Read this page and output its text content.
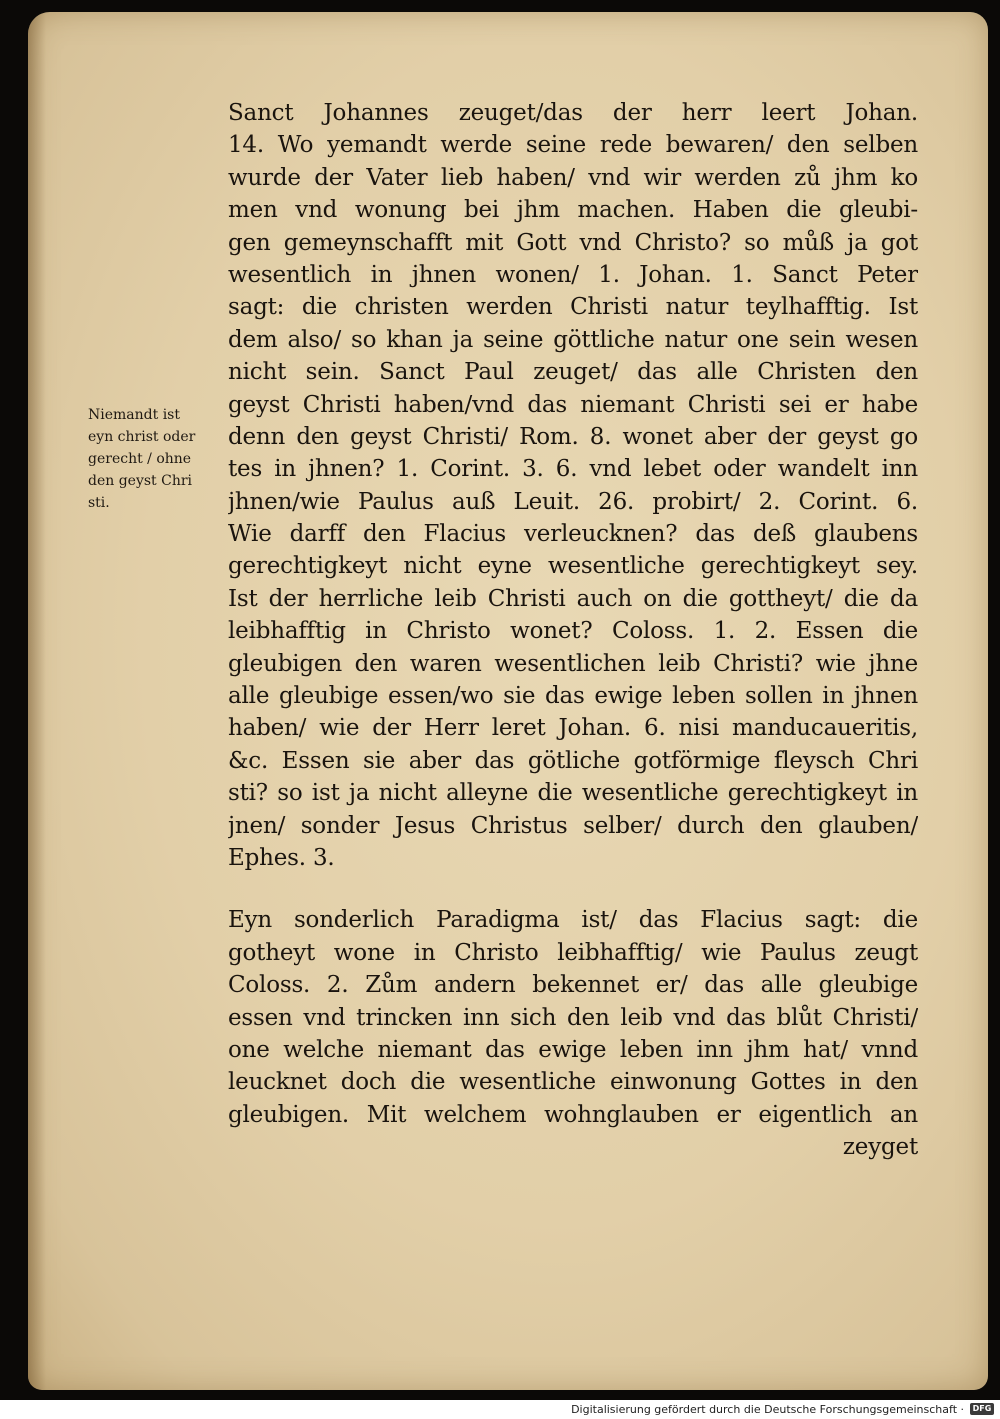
Niemandt ist
eyn christ oder
gerecht / ohne
den geyst Chri
sti.
Sanct Johannes zeuget/das der herr leert Johan.
14. Wo yemandt werde seine rede bewaren/ den selben
wurde der Vater lieb haben/ vnd wir werden zů jhm ko
men vnd wonung bei jhm machen. Haben die gleubi-
gen gemeynschafft mit Gott vnd Christo? so můß ja got
wesentlich in jhnen wonen/ 1. Johan. 1. Sanct Peter
sagt: die christen werden Christi natur teylhafftig. Ist
dem also/ so khan ja seine göttliche natur one sein wesen
nicht sein. Sanct Paul zeuget/ das alle Christen den
geyst Christi haben/vnd das niemant Christi sei er habe
denn den geyst Christi/ Rom. 8. wonet aber der geyst go
tes in jhnen? 1. Corint. 3. 6. vnd lebet oder wandelt inn
jhnen/wie Paulus auß Leuit. 26. probirt/ 2. Corint. 6.
Wie darff den Flacius verleucknen? das deß glaubens
gerechtigkeyt nicht eyne wesentliche gerechtigkeyt sey.
Ist der herrliche leib Christi auch on die gottheyt/ die da
leibhafftig in Christo wonet? Coloss. 1. 2. Essen die
gleubigen den waren wesentlichen leib Christi? wie jhne
alle gleubige essen/wo sie das ewige leben sollen in jhnen
haben/ wie der Herr leret Johan. 6. nisi manducaueritis,
&c. Essen sie aber das götliche gotförmige fleysch Chri
sti? so ist ja nicht alleyne die wesentliche gerechtigkeyt in
jnen/ sonder Jesus Christus selber/ durch den glauben/
Ephes. 3.
Eyn sonderlich Paradigma ist/ das Flacius sagt: die
gotheyt wone in Christo leibhafftig/ wie Paulus zeugt
Coloss. 2. Zům andern bekennet er/ das alle gleubige
essen vnd trincken inn sich den leib vnd das blůt Christi/
one welche niemant das ewige leben inn jhm hat/ vnnd
leucknet doch die wesentliche einwonung Gottes in den
gleubigen. Mit welchem wohnglauben er eigentlich an
zeyget
Digitalisierung gefördert durch die Deutsche Forschungsgemeinschaft ·	DFG
